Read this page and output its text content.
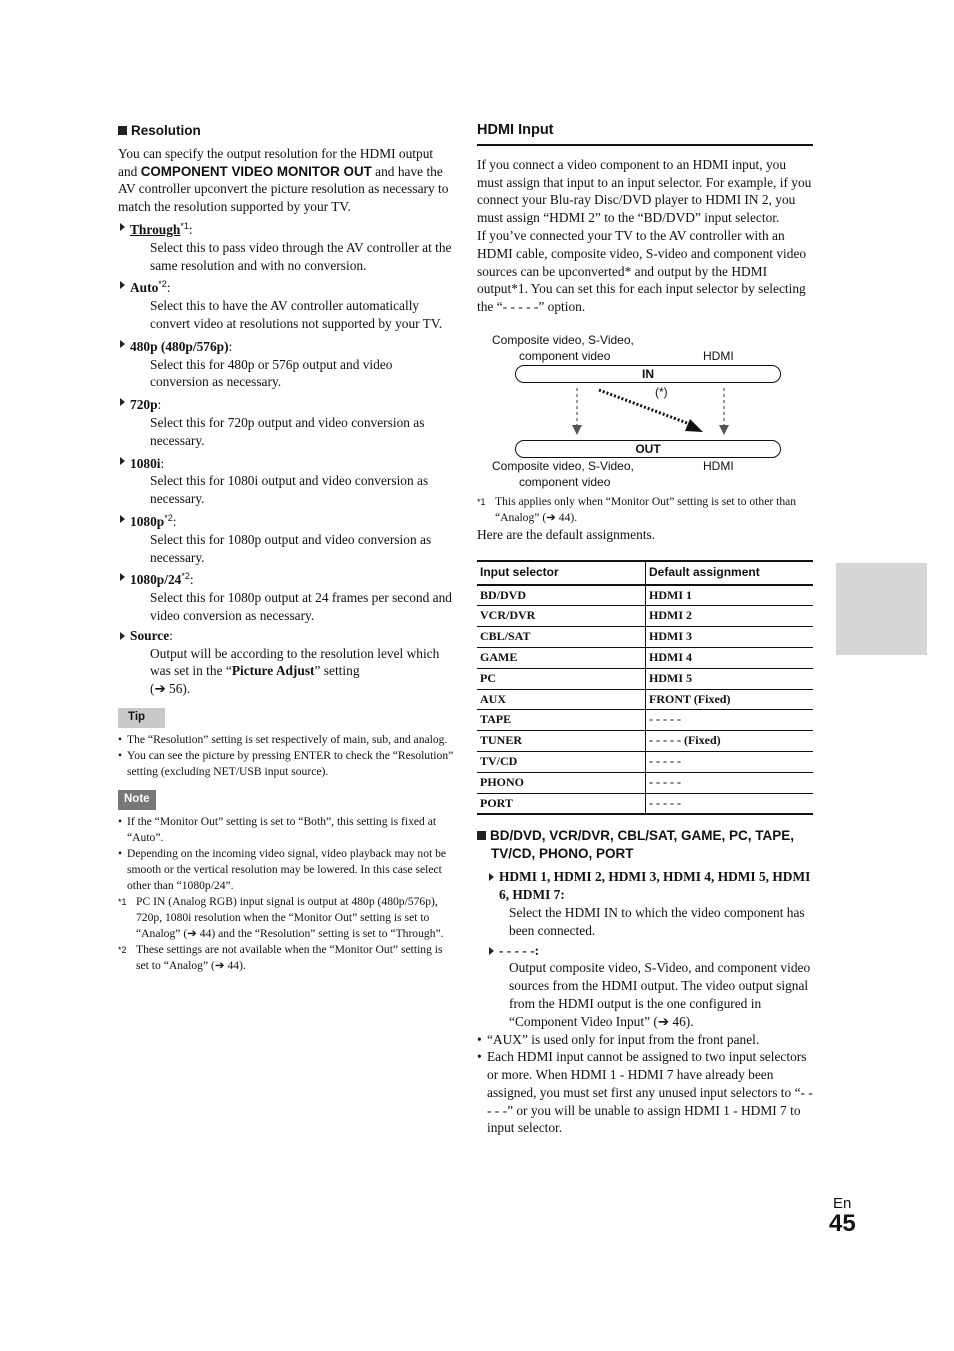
Resolution

You can specify the output resolution for the HDMI output and COMPONENT VIDEO MONITOR OUT and have the AV controller upconvert the picture resolution as necessary to match the resolution supported by your TV.

Through$^{*1}$:

Select this to pass video through the AV controller at the same resolution and with no conversion.

Auto$^{*2}$:

Select this to have the AV controller automatically convert video at resolutions not supported by your TV.

480p (480p/576p):

Select this for 480p or 576p output and video conversion as necessary.

720p:

Select this for 720p output and video conversion as necessary.

1080i:

Select this for 1080i output and video conversion as necessary.

$1080p^{*2}$:

Select this for 1080p output and video conversion as necessary.

1080p/24$^{*2}$:

Select this for 1080p output at 24 frames per second and video conversion as necessary.

Source:

Output will be according to the resolution level which was set in the “Picture Adjust” setting
(➔ 56).

Tip
• The “Resolution” setting is set respectively of main, sub, and analog.
• You can see the picture by pressing ENTER to check the “Resolution” setting (excluding NET/USB input source).
Note
• If the “Monitor Out” setting is set to “Both”, this setting is fixed at “Auto”.
• Depending on the incoming video signal, video playback may not be smooth or the vertical resolution may be lowered. In this case select other than “1080p/24”.
*1 PC IN (Analog RGB) input signal is output at 480p (480p/576p), 720p, 1080i resolution when the “Monitor Out” setting is set to “Analog” (➔ 44) and the “Resolution” setting is set to “Through”.
*2 These settings are not available when the “Monitor Out” setting is set to “Analog” (➔ 44).
HDMI Input

If you connect a video component to an HDMI input, you must assign that input to an input selector. For example, if you connect your Blu-ray Disc/DVD player to HDMI IN 2, you must assign “HDMI 2” to the “BD/DVD” input selector.

If you’ve connected your TV to the AV controller with an HDMI cable, composite video, S-video and component video sources can be upconverted* and output by the HDMI output*1. You can set this for each input selector by selecting the “- - - - -” option.

Composite video, S-Video,
component video	HDMI
IN
(*)
OUT
Composite video, S-Video,
component video
HDMI
*1 This applies only when “Monitor Out” setting is set to other than “Analog” (➔ 44).

Here are the default assignments.

Input selector	Default assignment
BD/DVD	HDMI 1
VCR/DVR	HDMI 2
CBL/SAT	HDMI 3
GAME	HDMI 4
PC	HDMI 5
AUX	FRONT (Fixed)
TAPE	- - - - -
TUNER	- - - - - (Fixed)
TV/CD	- - - - -
PHONO	- - - - -
PORT	- - - - -
BD/DVD, VCR/DVR, CBL/SAT, GAME, PC, TAPE, TV/CD, PHONO, PORT
HDMI 1, HDMI 2, HDMI 3, HDMI 4, HDMI 5, HDMI 6, HDMI 7:

Select the HDMI IN to which the video component has been connected.

- - - - -:

Output composite video, S-Video, and component video sources from the HDMI output. The video output signal from the HDMI output is the one configured in “Component Video Input” (➔ 46).

• “AUX” is used only for input from the front panel.
• Each HDMI input cannot be assigned to two input selectors or more. When HDMI 1 - HDMI 7 have already been assigned, you must set first any unused input selectors to “- - - - -” or you will be unable to assign HDMI 1 - HDMI 7 to input selector.
En
45
